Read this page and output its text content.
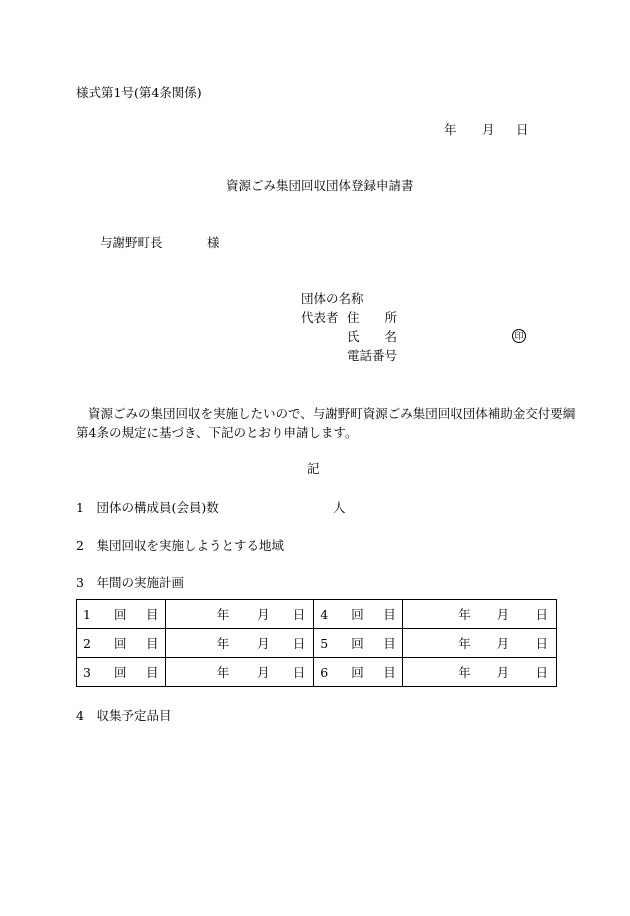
様式第1号(第4条関係)
年 月 日
資源ごみ集団回収団体登録申請書
与謝野町長	様
団体の名称
代表者 住　　所
氏　　名	印
電話番号
資源ごみの集団回収を実施したいので、与謝野町資源ごみ集団回収団体補助金交付要綱
第4条の規定に基づき、下記のとおり申請します。
記
1　団体の構成員(会員)数	人
2　集団回収を実施しようとする地域
3　年間の実施計画
1	回	目	年	月	日	4	回	目	年	月	日
2	回	目	年	月	日	5	回	目	年	月	日
3	回	目	年	月	日	6	回	目	年	月	日
4　収集予定品目
